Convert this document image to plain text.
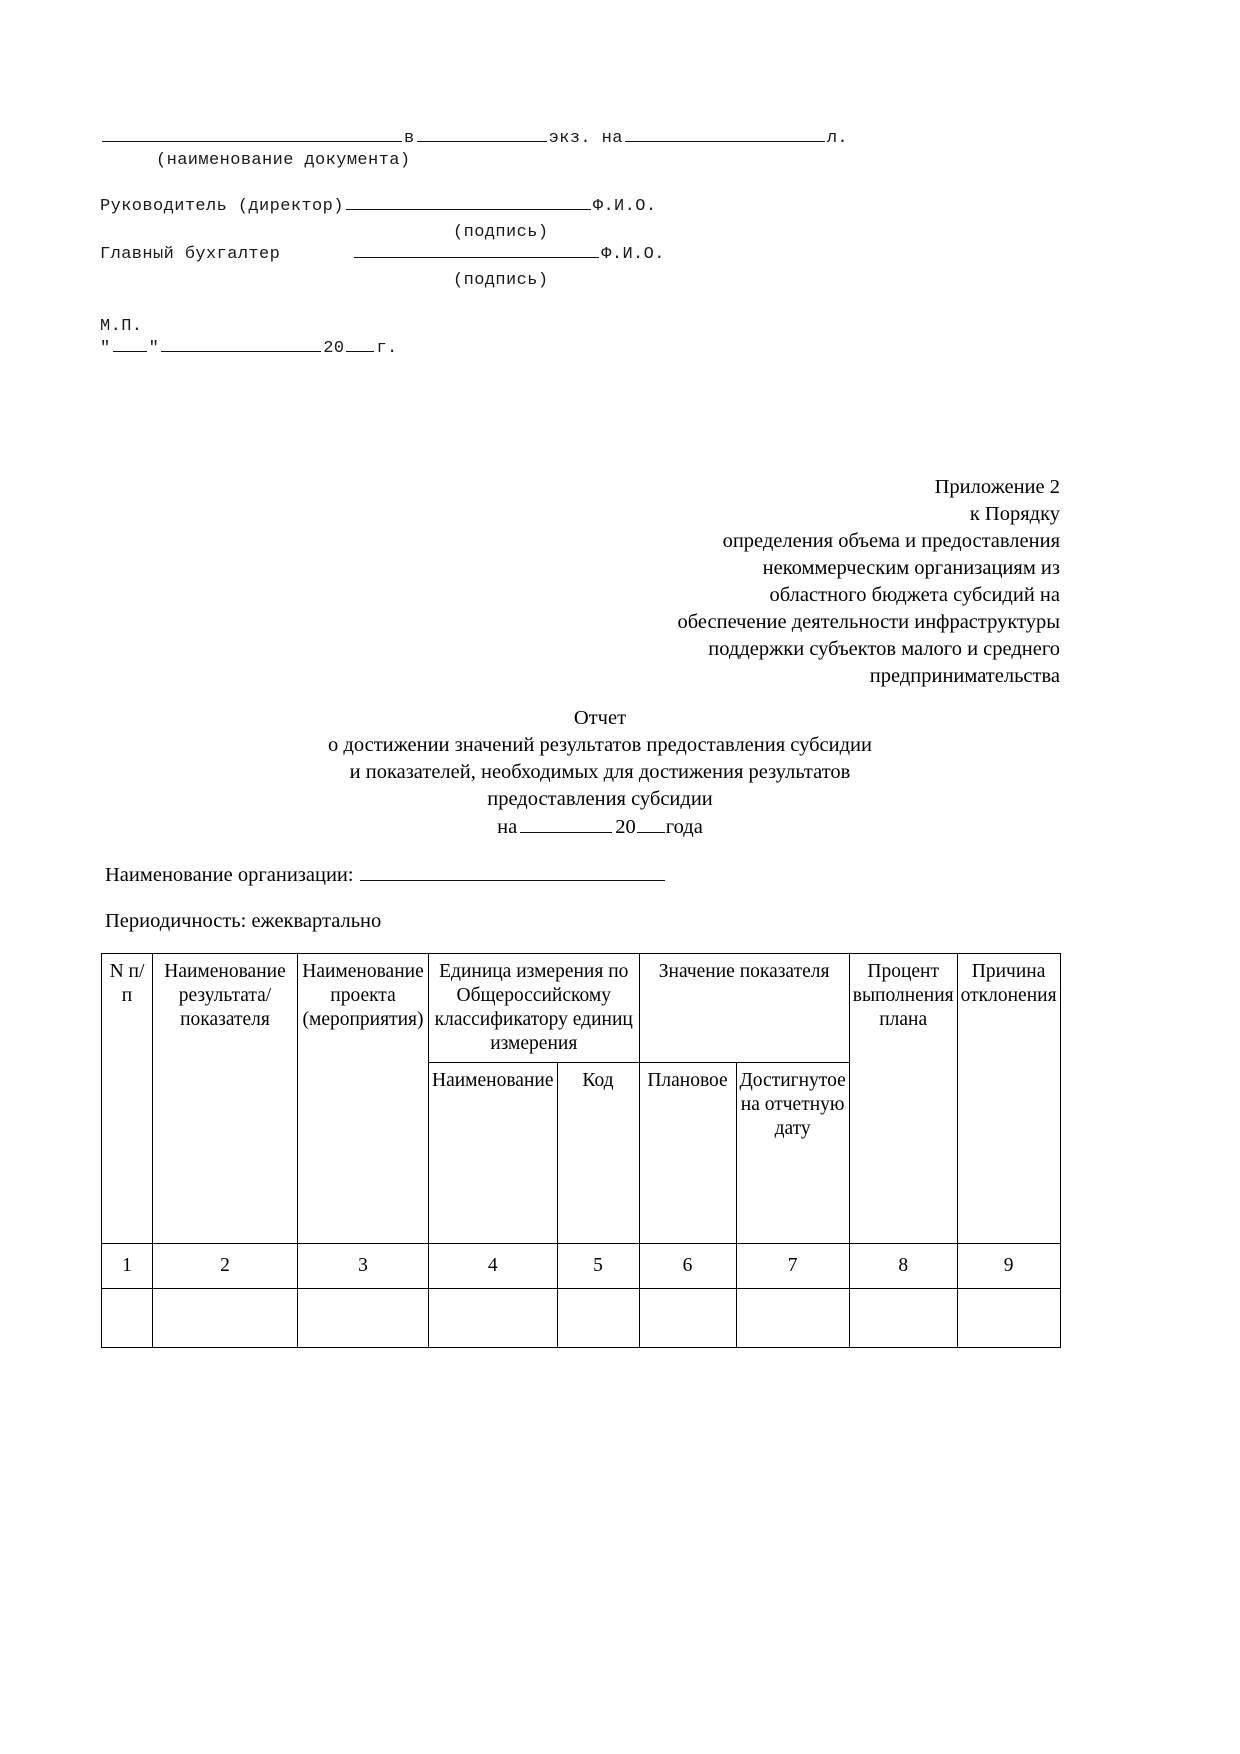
в	экз. на	л.
(наименование документа)
Руководитель (директор)	Ф.И.О.
(подпись)
Главный бухгалтер	Ф.И.О.
(подпись)
М.П.
" "	20 г.
Приложение 2
к Порядку
определения объема и предоставления
некоммерческим организациям из
областного бюджета субсидий на
обеспечение деятельности инфраструктуры
поддержки субъектов малого и среднего
предпринимательства
Отчет
о достижении значений результатов предоставления субсидии
и показателей, необходимых для достижения результатов
предоставления субсидии
на	20 года
Наименование организации:
Периодичность: ежеквартально
N п/п	Наименование результата/показателя	Наименование проекта (мероприятия)	Единица измерения по Общероссийскому классификатору единиц измерения		Значение показателя		Процент выполнения плана	Причина отклонения
			Наименование	Код	Плановое	Достигнутое на отчетную дату		
1	2	3	4	5	6	7	8	9
